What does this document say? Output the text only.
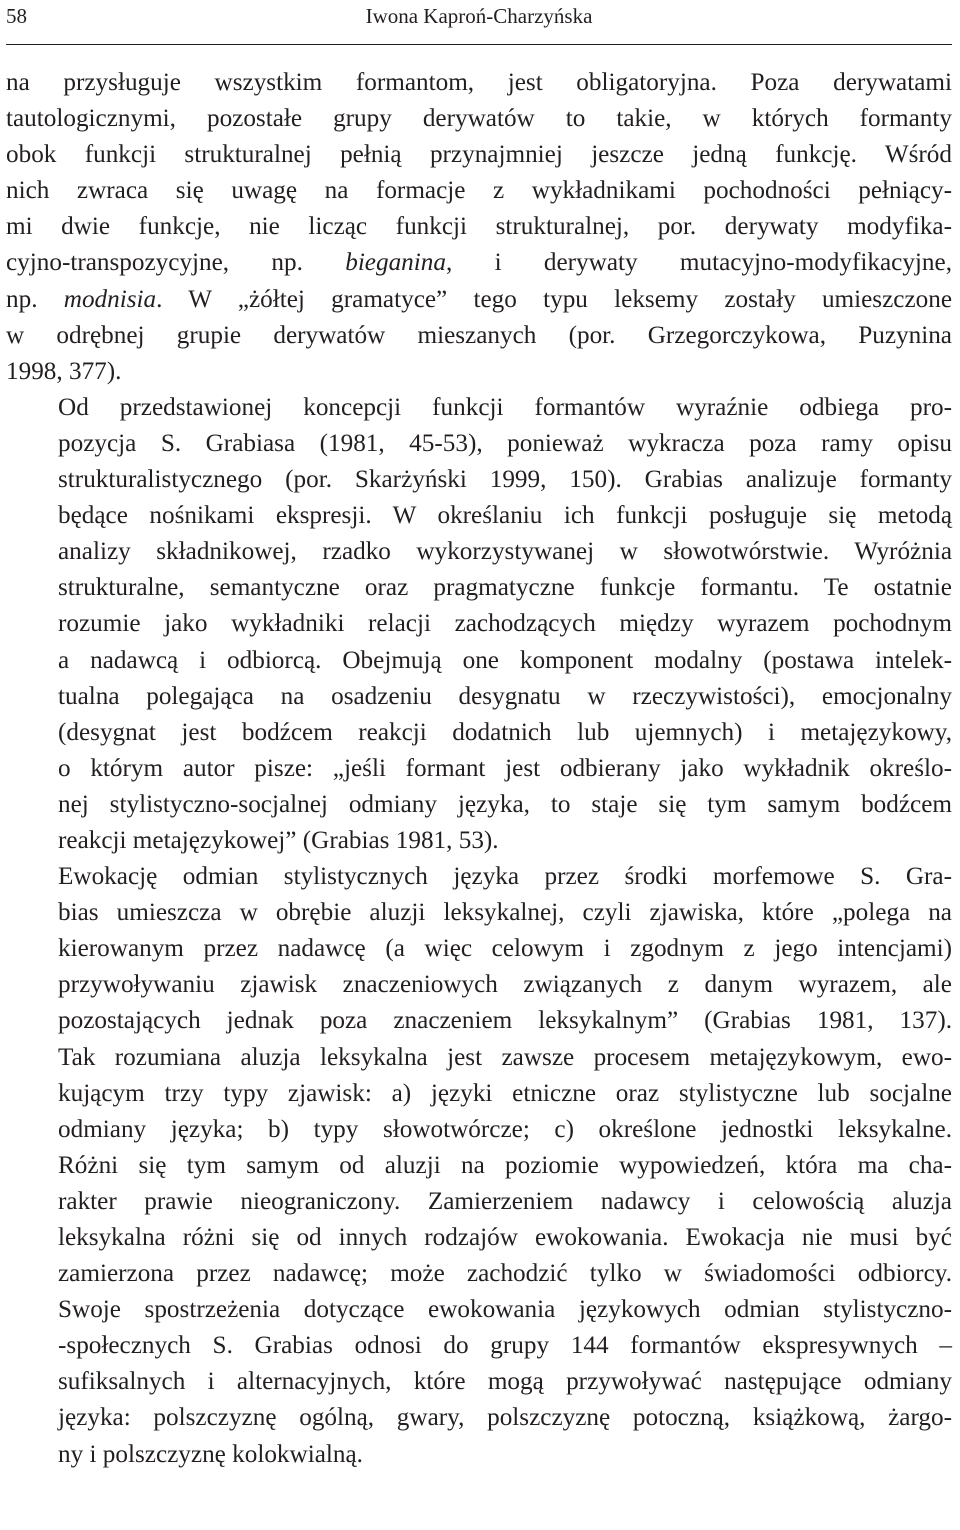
58	Iwona Kaproń-Charzyńska

na przysługuje wszystkim formantom, jest obligatoryjna. Poza derywatami
tautologicznymi, pozostałe grupy derywatów to takie, w których formanty
obok funkcji strukturalnej pełnią przynajmniej jeszcze jedną funkcję. Wśród
nich zwraca się uwagę na formacje z wykładnikami pochodności pełniący-
mi dwie funkcje, nie licząc funkcji strukturalnej, por. derywaty modyfika-
cyjno-transpozycyjne, np. bieganina, i derywaty mutacyjno-modyfikacyjne,
np. modnisia. W „żółtej gramatyce” tego typu leksemy zostały umieszczone
w odrębnej grupie derywatów mieszanych (por. Grzegorczykowa, Puzynina
1998, 377).

Od przedstawionej koncepcji funkcji formantów wyraźnie odbiega pro-
pozycja S. Grabiasa (1981, 45-53), ponieważ wykracza poza ramy opisu
strukturalistycznego (por. Skarżyński 1999, 150). Grabias analizuje formanty
będące nośnikami ekspresji. W określaniu ich funkcji posługuje się metodą
analizy składnikowej, rzadko wykorzystywanej w słowotwórstwie. Wyróżnia
strukturalne, semantyczne oraz pragmatyczne funkcje formantu. Te ostatnie
rozumie jako wykładniki relacji zachodzących między wyrazem pochodnym
a nadawcą i odbiorcą. Obejmują one komponent modalny (postawa intelek-
tualna polegająca na osadzeniu desygnatu w rzeczywistości), emocjonalny
(desygnat jest bodźcem reakcji dodatnich lub ujemnych) i metajęzykowy,
o którym autor pisze: „jeśli formant jest odbierany jako wykładnik określo-
nej stylistyczno-socjalnej odmiany języka, to staje się tym samym bodźcem
reakcji metajęzykowej” (Grabias 1981, 53).

Ewokację odmian stylistycznych języka przez środki morfemowe S. Gra-
bias umieszcza w obrębie aluzji leksykalnej, czyli zjawiska, które „polega na
kierowanym przez nadawcę (a więc celowym i zgodnym z jego intencjami)
przywoływaniu zjawisk znaczeniowych związanych z danym wyrazem, ale
pozostających jednak poza znaczeniem leksykalnym” (Grabias 1981, 137).
Tak rozumiana aluzja leksykalna jest zawsze procesem metajęzykowym, ewo-
kującym trzy typy zjawisk: a) języki etniczne oraz stylistyczne lub socjalne
odmiany języka; b) typy słowotwórcze; c) określone jednostki leksykalne.
Różni się tym samym od aluzji na poziomie wypowiedzeń, która ma cha-
rakter prawie nieograniczony. Zamierzeniem nadawcy i celowością aluzja
leksykalna różni się od innych rodzajów ewokowania. Ewokacja nie musi być
zamierzona przez nadawcę; może zachodzić tylko w świadomości odbiorcy.
Swoje spostrzeżenia dotyczące ewokowania językowych odmian stylistyczno-
-społecznych S. Grabias odnosi do grupy 144 formantów ekspresywnych –
sufiksalnych i alternacyjnych, które mogą przywoływać następujące odmiany
języka: polszczyznę ogólną, gwary, polszczyznę potoczną, książkową, żargo-
ny i polszczyznę kolokwialną.
